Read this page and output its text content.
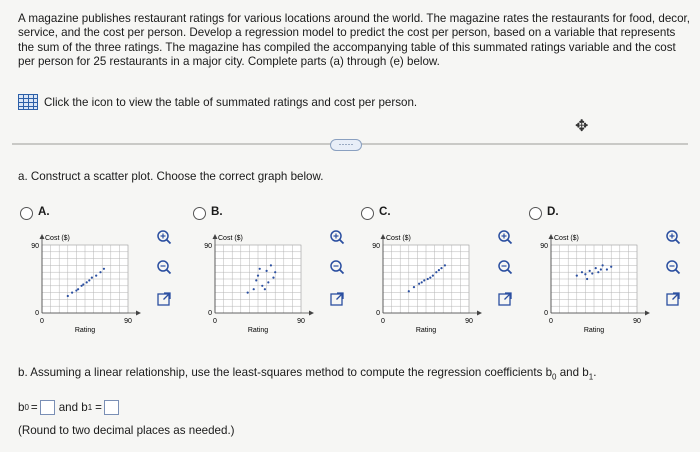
A magazine publishes restaurant ratings for various locations around the world. The magazine rates the restaurants for food, decor, service, and the cost per person. Develop a regression model to predict the cost per person, based on a variable that represents the sum of the three ratings. The magazine has compiled the accompanying table of this summated ratings variable and the cost per person for 25 restaurants in a major city. Complete parts (a) through (e) below.
Click the icon to view the table of summated ratings and cost per person.
✥
·····
a. Construct a scatter plot. Choose the correct graph below.
A.
Cost ($)
90
0
0	90
Rating
B.
Cost ($)
90
0
0	90
Rating
C.
Cost ($)
90
0
0	90
Rating
D.
Cost ($)
90
0
0	90
Rating
b. Assuming a linear relationship, use the least-squares method to compute the regression coefficients $b_0$ and $b_1$.
b 0 = and b 1 =
(Round to two decimal places as needed.)
